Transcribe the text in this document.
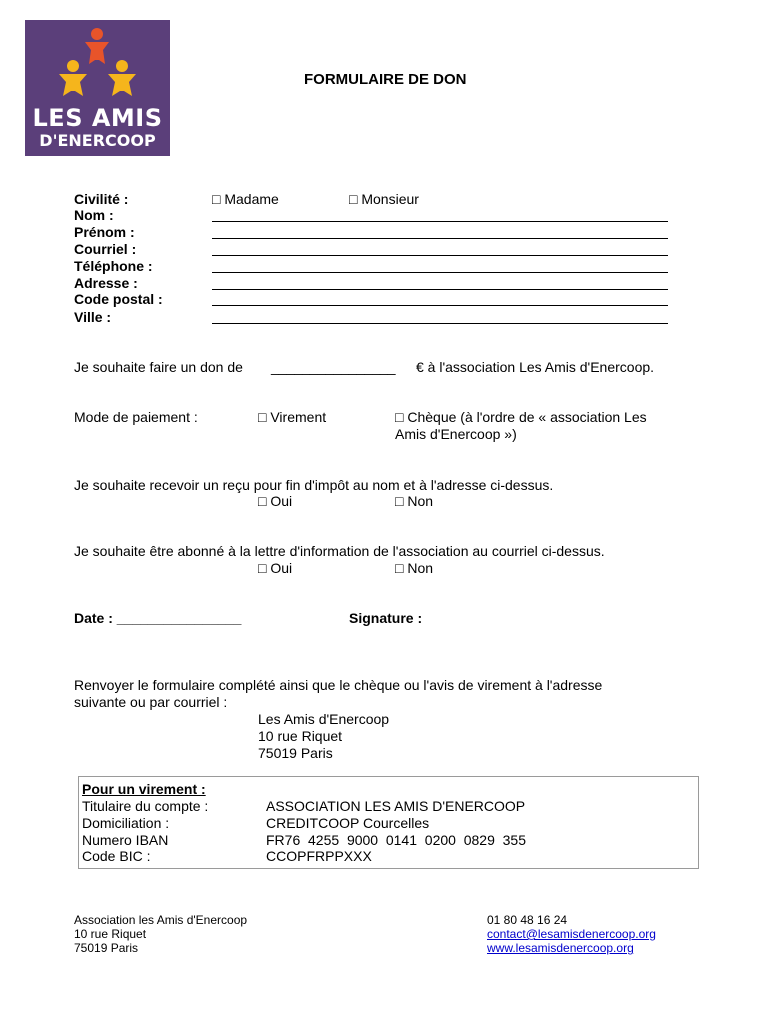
LES AMIS
D'ENERCOOP
FORMULAIRE DE DON
Civilité :	□ Madame	□ Monsieur
Nom :
Prénom :
Courriel :
Téléphone :
Adresse :
Code postal :
Ville :
Je souhaite faire un don de ________________ € à l'association Les Amis d'Enercoop.
Mode de paiement :	□ Virement	□ Chèque (à l'ordre de « association Les
Amis d'Enercoop »)
Je souhaite recevoir un reçu pour fin d'impôt au nom et à l'adresse ci-dessus.
□ Oui	□ Non
Je souhaite être abonné à la lettre d'information de l'association au courriel ci-dessus.
□ Oui	□ Non
Date : ________________	Signature :
Renvoyer le formulaire complété ainsi que le chèque ou l'avis de virement à l'adresse
suivante ou par courriel :
Les Amis d'Enercoop
10 rue Riquet
75019 Paris
Pour un virement :
Titulaire du compte :	ASSOCIATION LES AMIS D'ENERCOOP
Domiciliation :	CREDITCOOP Courcelles
Numero IBAN	FR76  4255  9000  0141  0200  0829  355
Code BIC :	CCOPFRPPXXX
Association les Amis d'Enercoop
10 rue Riquet
75019 Paris
01 80 48 16 24
contact@lesamisdenercoop.org
www.lesamisdenercoop.org
